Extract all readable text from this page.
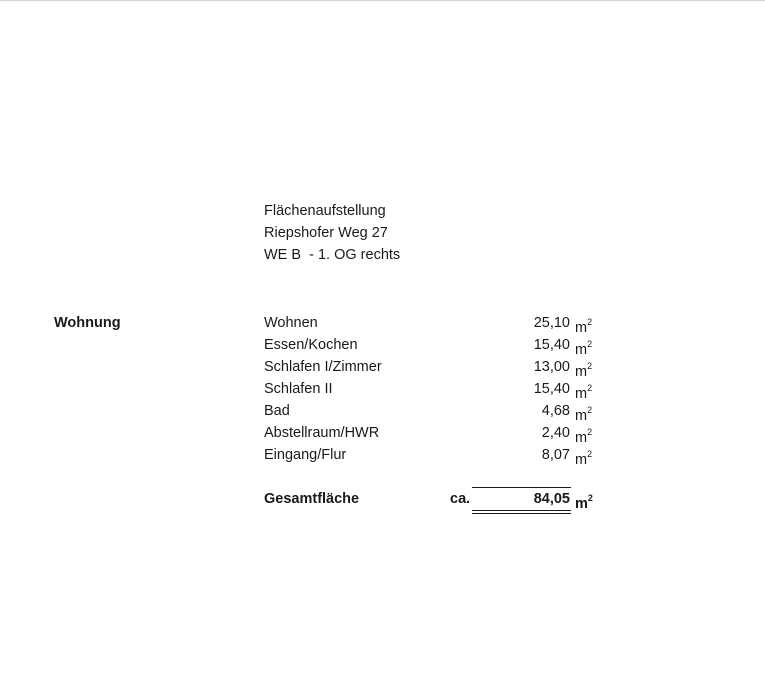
Flächenaufstellung
Riepshofer Weg 27
WE B  - 1. OG rechts
Wohnung	Wohnen	25,10 $m^2$
Essen/Kochen	15,40 $m^2$
Schlafen I/Zimmer	13,00 $m^2$
Schlafen II	15,40 $m^2$
Bad	4,68 $m^2$
Abstellraum/HWR	2,40 $m^2$
Eingang/Flur	8,07 $m^2$
Gesamtfläche	ca.	84,05 $m^2$
